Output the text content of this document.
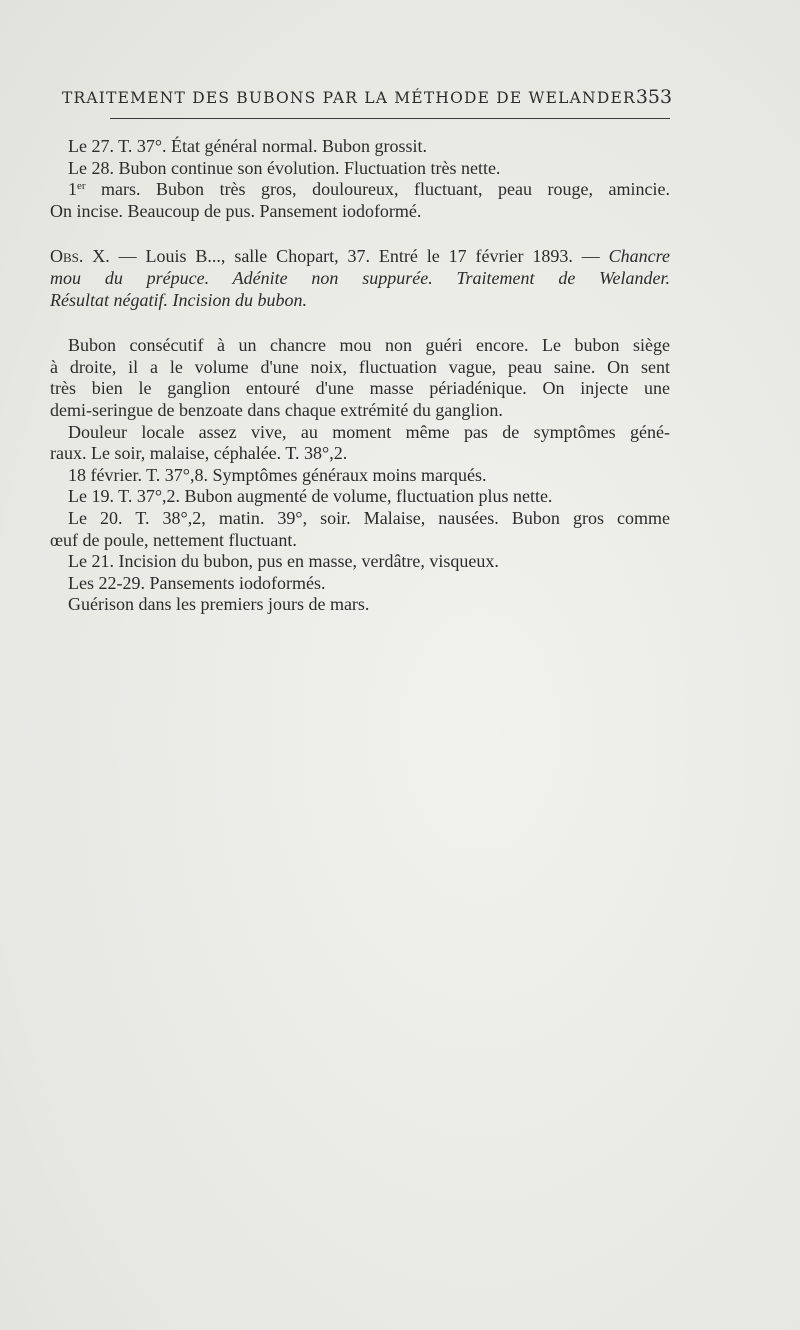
TRAITEMENT DES BUBONS PAR LA MÉTHODE DE WELANDER 353
Le 27. T. 37°. État général normal. Bubon grossit.
Le 28. Bubon continue son évolution. Fluctuation très nette.
1er mars. Bubon très gros, douloureux, fluctuant, peau rouge, amincie.
On incise. Beaucoup de pus. Pansement iodoformé.
Obs. X. — Louis B..., salle Chopart, 37. Entré le 17 février 1893. — Chancre
mou du prépuce. Adénite non suppurée. Traitement de Welander.
Résultat négatif. Incision du bubon.
Bubon consécutif à un chancre mou non guéri encore. Le bubon siège
à droite, il a le volume d'une noix, fluctuation vague, peau saine. On sent
très bien le ganglion entouré d'une masse périadénique. On injecte une
demi-seringue de benzoate dans chaque extrémité du ganglion.
Douleur locale assez vive, au moment même pas de symptômes géné-
raux. Le soir, malaise, céphalée. T. 38°,2.
18 février. T. 37°,8. Symptômes généraux moins marqués.
Le 19. T. 37°,2. Bubon augmenté de volume, fluctuation plus nette.
Le 20. T. 38°,2, matin. 39°, soir. Malaise, nausées. Bubon gros comme
œuf de poule, nettement fluctuant.
Le 21. Incision du bubon, pus en masse, verdâtre, visqueux.
Les 22-29. Pansements iodoformés.
Guérison dans les premiers jours de mars.
